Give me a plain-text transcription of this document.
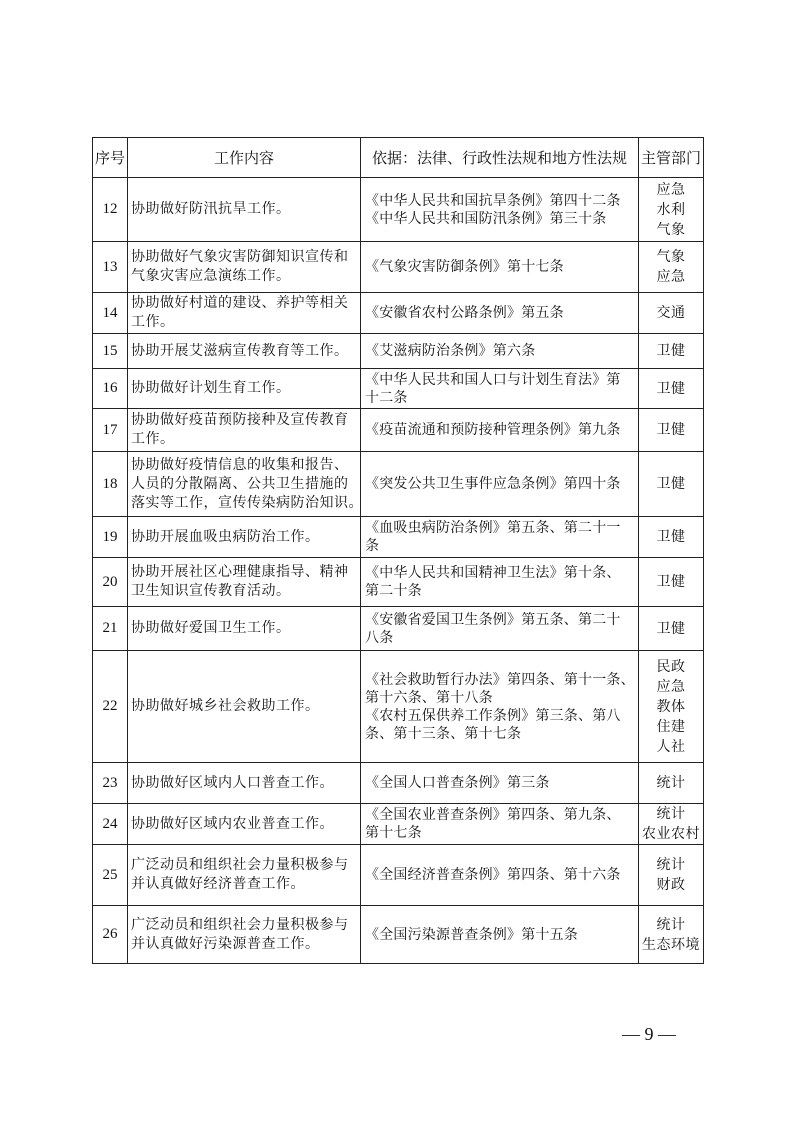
序号	工作内容	依据：法律、行政性法规和地方性法规	主管部门
12	协助做好防汛抗旱工作。	《中华人民共和国抗旱条例》第四十二条
《中华人民共和国防汛条例》第三十条	应急
水利
气象

13	协助做好气象灾害防御知识宣传和
气象灾害应急演练工作。	《气象灾害防御条例》第十七条	气象
应急

14	协助做好村道的建设、养护等相关
工作。	《安徽省农村公路条例》第五条	交通

15	协助开展艾滋病宣传教育等工作。	《艾滋病防治条例》第六条	卫健

16	协助做好计划生育工作。	《中华人民共和国人口与计划生育法》第
十二条	卫健

17	协助做好疫苗预防接种及宣传教育
工作。	《疫苗流通和预防接种管理条例》第九条	卫健

18	协助做好疫情信息的收集和报告、
人员的分散隔离、公共卫生措施的
落实等工作，宣传传染病防治知识。	《突发公共卫生事件应急条例》第四十条	卫健

19	协助开展血吸虫病防治工作。	《血吸虫病防治条例》第五条、第二十一
条	卫健

20	协助开展社区心理健康指导、精神
卫生知识宣传教育活动。	《中华人民共和国精神卫生法》第十条、
第二十条	卫健

21	协助做好爱国卫生工作。	《安徽省爱国卫生条例》第五条、第二十
八条	卫健

22	协助做好城乡社会救助工作。	《社会救助暂行办法》第四条、第十一条、
第十六条、第十八条
《农村五保供养工作条例》第三条、第八
条、第十三条、第十七条	民政
应急
教体
住建
人社

23	协助做好区域内人口普查工作。	《全国人口普查条例》第三条	统计

24	协助做好区域内农业普查工作。	《全国农业普查条例》第四条、第九条、
第十七条	统计
农业农村

25	广泛动员和组织社会力量积极参与
并认真做好经济普查工作。	《全国经济普查条例》第四条、第十六条	统计
财政

26	广泛动员和组织社会力量积极参与
并认真做好污染源普查工作。	《全国污染源普查条例》第十五条	统计
生态环境
— 9 —
